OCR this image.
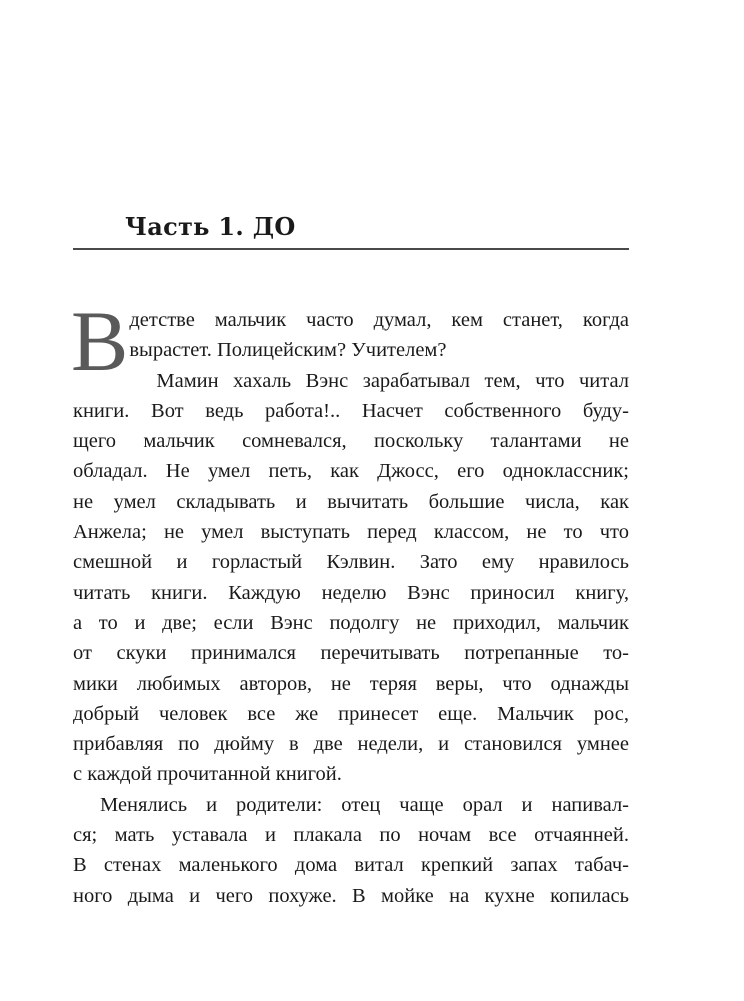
Часть 1. ДО
В детстве мальчик часто думал, кем станет, когда
вырастет. Полицейским? Учителем?
Мамин хахаль Вэнс зарабатывал тем, что читал
книги. Вот ведь работа!.. Насчет собственного буду-
щего мальчик сомневался, поскольку талантами не
обладал. Не умел петь, как Джосс, его одноклассник;
не умел складывать и вычитать большие числа, как
Анжела; не умел выступать перед классом, не то что
смешной и горластый Кэлвин. Зато ему нравилось
читать книги. Каждую неделю Вэнс приносил книгу,
а то и две; если Вэнс подолгу не приходил, мальчик
от скуки принимался перечитывать потрепанные то-
мики любимых авторов, не теряя веры, что однажды
добрый человек все же принесет еще. Мальчик рос,
прибавляя по дюйму в две недели, и становился умнее
с каждой прочитанной книгой.
Менялись и родители: отец чаще орал и напивал-
ся; мать уставала и плакала по ночам все отчаянней.
В стенах маленького дома витал крепкий запах табач-
ного дыма и чего похуже. В мойке на кухне копилась
